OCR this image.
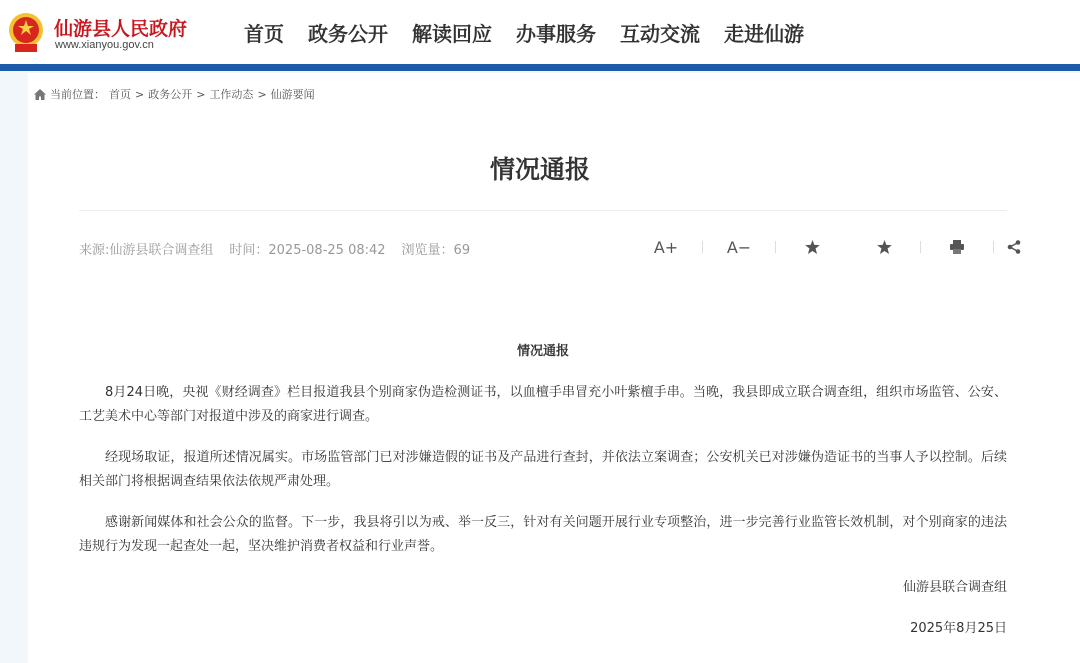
仙游县人民政府
www.xianyou.gov.cn	首页 政务公开 解读回应 办事服务 互动交流 走进仙游
当前位置： 首页 > 政务公开 > 工作动态 > 仙游要闻
情况通报
来源:仙游县联合调查组 时间：2025-08-25 08:42 浏览量：69	A+	A−
情况通报

8月24日晚，央视《财经调查》栏目报道我县个别商家伪造检测证书，以血檀手串冒充小叶紫檀手串。当晚，我县即成立联合调查组，组织市场监管、公安、工艺美术中心等部门对报道中涉及的商家进行调查。

经现场取证，报道所述情况属实。市场监管部门已对涉嫌造假的证书及产品进行查封，并依法立案调查；公安机关已对涉嫌伪造证书的当事人予以控制。后续相关部门将根据调查结果依法依规严肃处理。

感谢新闻媒体和社会公众的监督。下一步，我县将引以为戒、举一反三，针对有关问题开展行业专项整治，进一步完善行业监管长效机制，对个别商家的违法违规行为发现一起查处一起，坚决维护消费者权益和行业声誉。

仙游县联合调查组
2025年8月25日
